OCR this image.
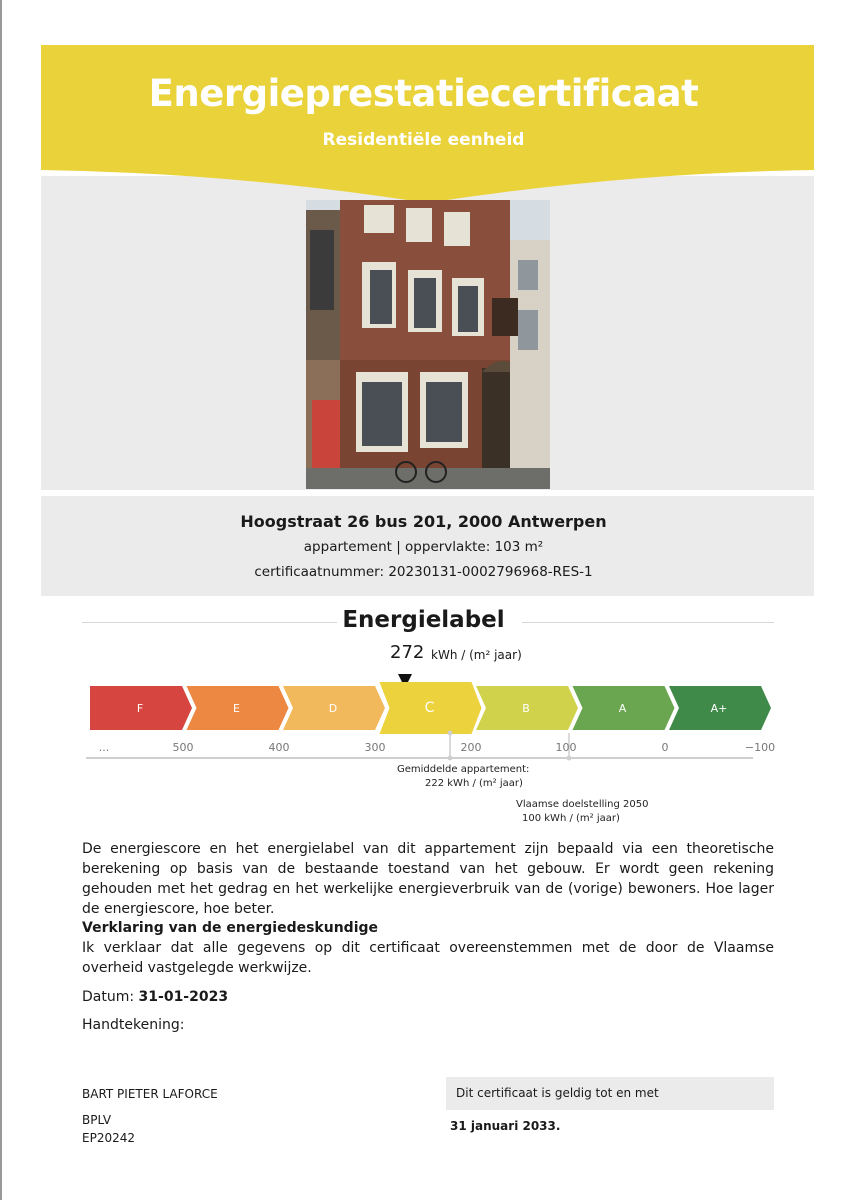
Energieprestatiecertificaat
Residentiële eenheid
Hoogstraat 26 bus 201, 2000 Antwerpen
appartement | oppervlakte: 103 m²
certificaatnummer: 20230131-0002796968-RES-1
Energielabel
272 kWh / (m² jaar)
F	E	D	C	B	A	A+
...	500	400	300	200	100	0	−100
Gemiddelde appartement:
222 kWh / (m² jaar)
Vlaamse doelstelling 2050
100 kWh / (m² jaar)
De energiescore en het energielabel van dit appartement zijn bepaald via een theoretische berekening op basis van de bestaande toestand van het gebouw. Er wordt geen rekening gehouden met het gedrag en het werkelijke energieverbruik van de (vorige) bewoners. Hoe lager de energiescore, hoe beter.
Verklaring van de energiedeskundige
Ik verklaar dat alle gegevens op dit certificaat overeenstemmen met de door de Vlaamse overheid vastgelegde werkwijze.
Datum: 31-01-2023
Handtekening:
BART PIETER LAFORCE
BPLV
EP20242
Dit certificaat is geldig tot en met 31 januari 2033.
